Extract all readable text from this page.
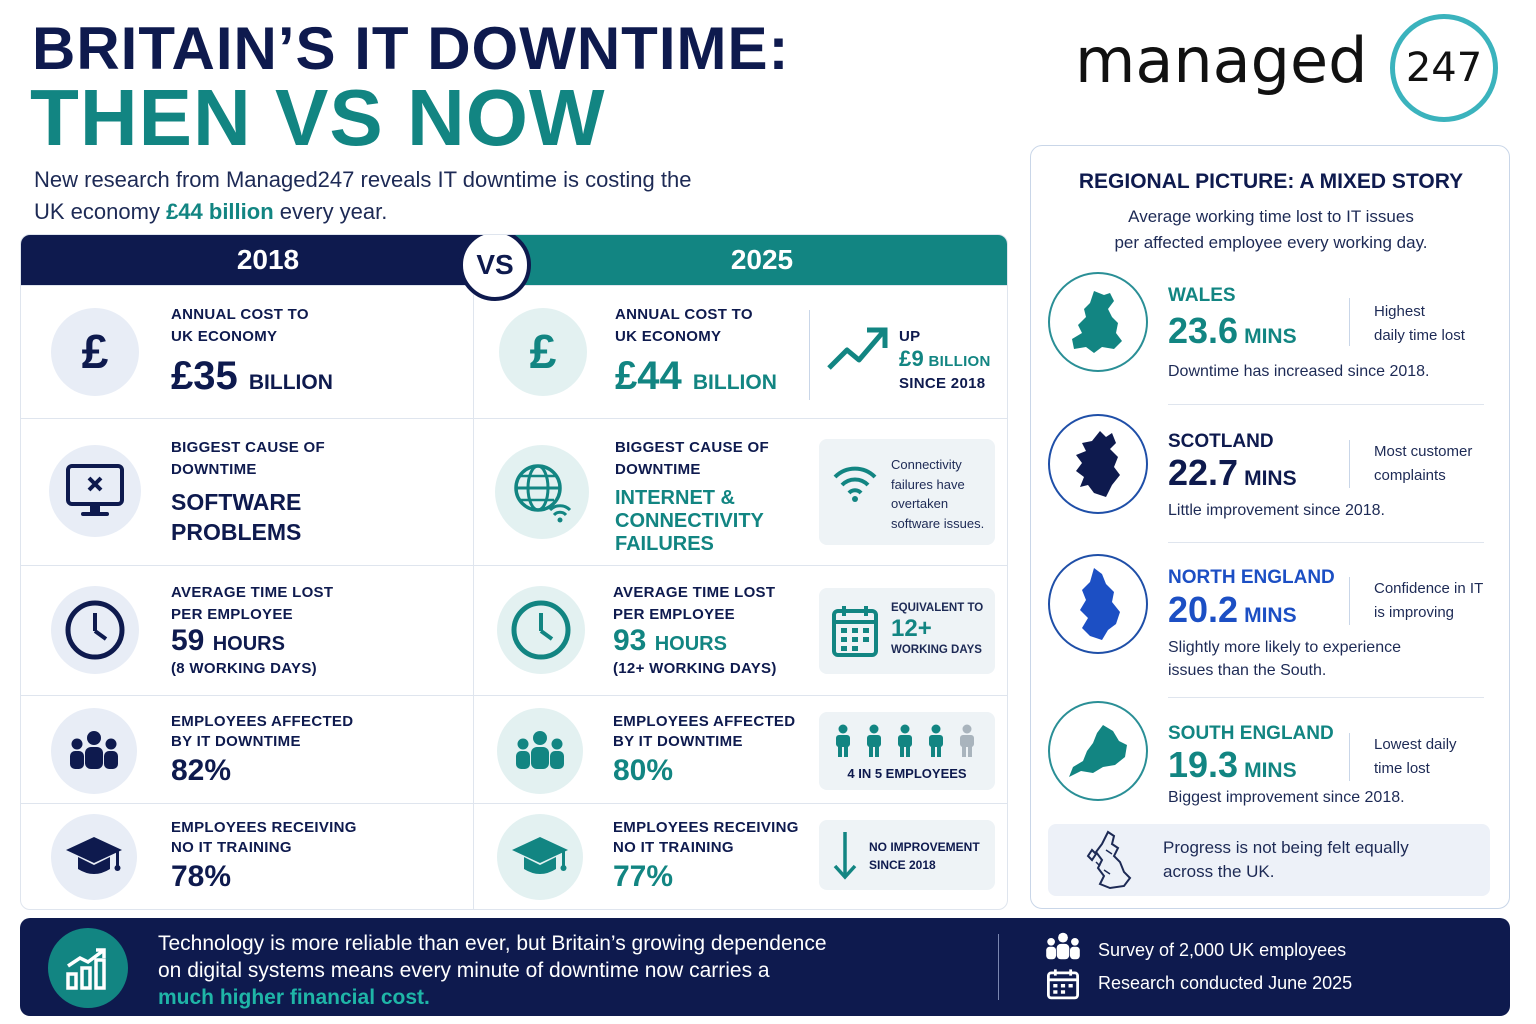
BRITAIN’S IT DOWNTIME:
THEN VS NOW
New research from Managed247 reveals IT downtime is costing the UK economy £44 billion every year.
managed 247
2018	2025
VS
£
ANNUAL COST TO
UK ECONOMY
£35 BILLION
£
ANNUAL COST TO
UK ECONOMY
£44 BILLION
UP
£9 BILLION
SINCE 2018
BIGGEST CAUSE OF
DOWNTIME
SOFTWARE
PROBLEMS
BIGGEST CAUSE OF
DOWNTIME
INTERNET &
CONNECTIVITY
FAILURES
Connectivity
failures have
overtaken
software issues.
AVERAGE TIME LOST
PER EMPLOYEE
59 HOURS
(8 WORKING DAYS)
AVERAGE TIME LOST
PER EMPLOYEE
93 HOURS
(12+ WORKING DAYS)
EQUIVALENT TO
12+
WORKING DAYS
EMPLOYEES AFFECTED
BY IT DOWNTIME
82%
EMPLOYEES AFFECTED
BY IT DOWNTIME
80%	4 IN 5 EMPLOYEES
EMPLOYEES RECEIVING
NO IT TRAINING
78%
EMPLOYEES RECEIVING
NO IT TRAINING
77%
NO IMPROVEMENT
SINCE 2018
REGIONAL PICTURE: A MIXED STORY
Average working time lost to IT issues
per affected employee every working day.
WALES
23.6 MINS
Highest
daily time lost
Downtime has increased since 2018.
SCOTLAND
22.7 MINS
Most customer
complaints
Little improvement since 2018.
NORTH ENGLAND
20.2 MINS
Confidence in IT
is improving
Slightly more likely to experience
issues than the South.
SOUTH ENGLAND
19.3 MINS
Lowest daily
time lost
Biggest improvement since 2018.
Progress is not being felt equally
across the UK.
Technology is more reliable than ever, but Britain’s growing dependence
on digital systems means every minute of downtime now carries a
much higher financial cost.
Survey of 2,000 UK employees
Research conducted June 2025
